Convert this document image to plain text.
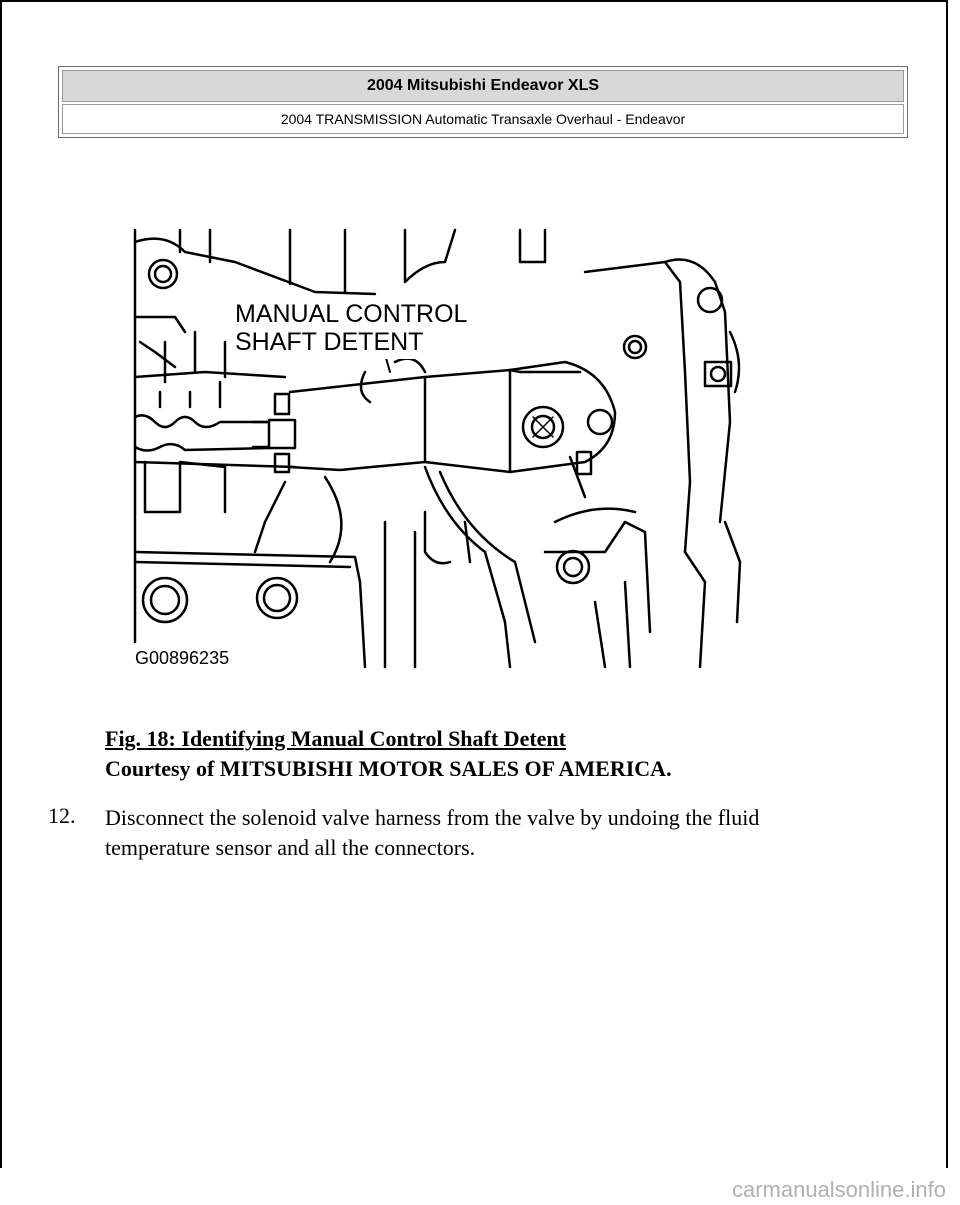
2004 Mitsubishi Endeavor XLS
2004 TRANSMISSION Automatic Transaxle Overhaul - Endeavor
MANUAL CONTROL
SHAFT DETENT
G00896235
Fig. 18: Identifying Manual Control Shaft Detent
Courtesy of MITSUBISHI MOTOR SALES OF AMERICA.
12. Disconnect the solenoid valve harness from the valve by undoing the fluid temperature sensor and all the connectors.
carmanualsonline.info
